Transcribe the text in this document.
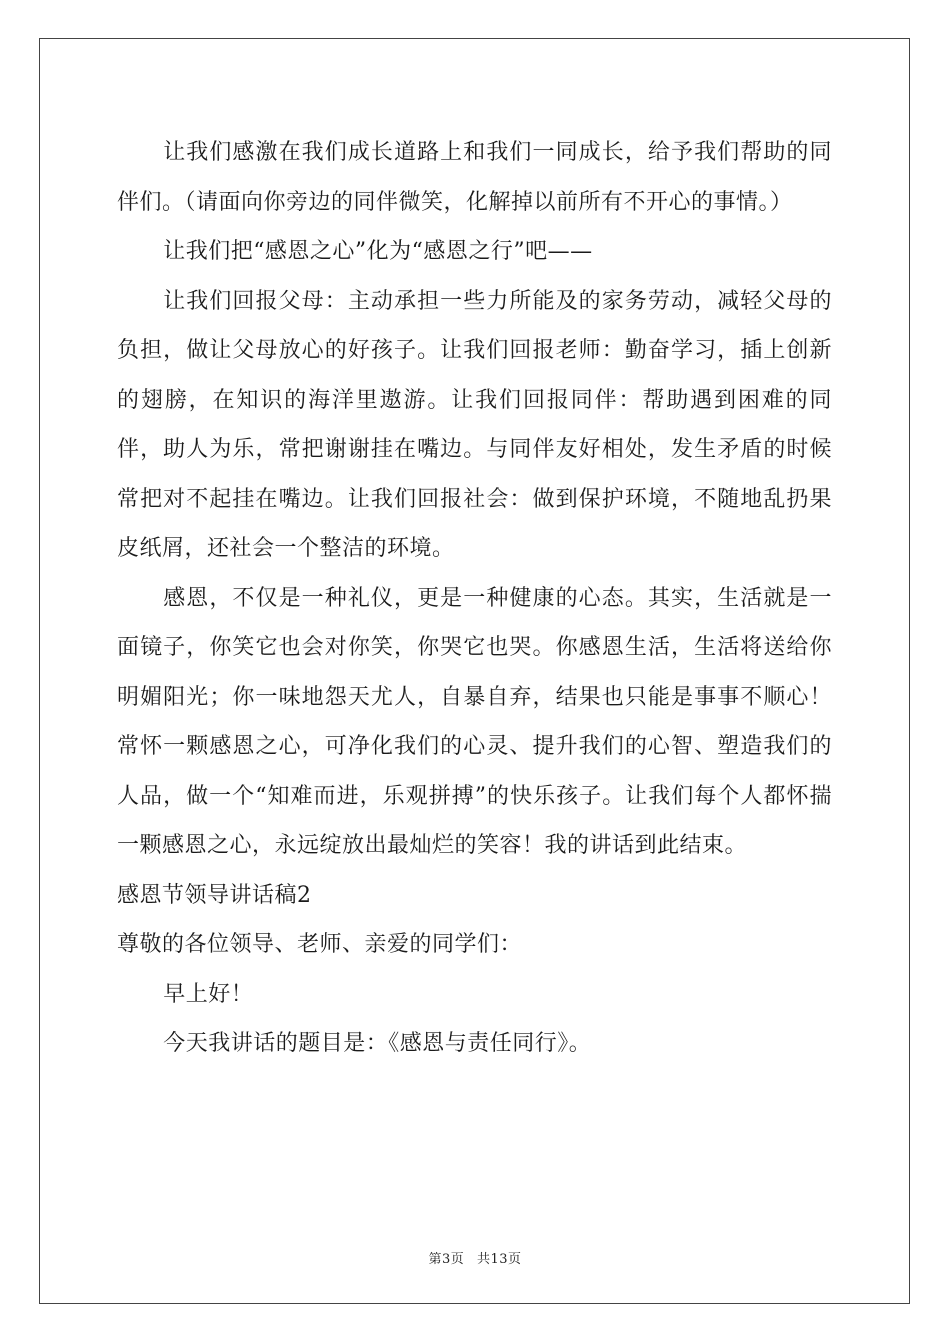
让我们感激在我们成长道路上和我们一同成长，给予我们帮助的同伴们。（请面向你旁边的同伴微笑，化解掉以前所有不开心的事情。）

让我们把“感恩之心”化为“感恩之行”吧——

让我们回报父母：主动承担一些力所能及的家务劳动，减轻父母的负担，做让父母放心的好孩子。让我们回报老师：勤奋学习，插上创新的翅膀，在知识的海洋里遨游。让我们回报同伴：帮助遇到困难的同伴，助人为乐，常把谢谢挂在嘴边。与同伴友好相处，发生矛盾的时候常把对不起挂在嘴边。让我们回报社会：做到保护环境，不随地乱扔果皮纸屑，还社会一个整洁的环境。

感恩，不仅是一种礼仪，更是一种健康的心态。其实，生活就是一面镜子，你笑它也会对你笑，你哭它也哭。你感恩生活，生活将送给你明媚阳光；你一味地怨天尤人，自暴自弃，结果也只能是事事不顺心！常怀一颗感恩之心，可净化我们的心灵、提升我们的心智、塑造我们的人品，做一个“知难而进，乐观拼搏”的快乐孩子。让我们每个人都怀揣一颗感恩之心，永远绽放出最灿烂的笑容！我的讲话到此结束。

感恩节领导讲话稿2

尊敬的各位领导、老师、亲爱的同学们：

早上好！

今天我讲话的题目是：《感恩与责任同行》。

第3页 共13页
